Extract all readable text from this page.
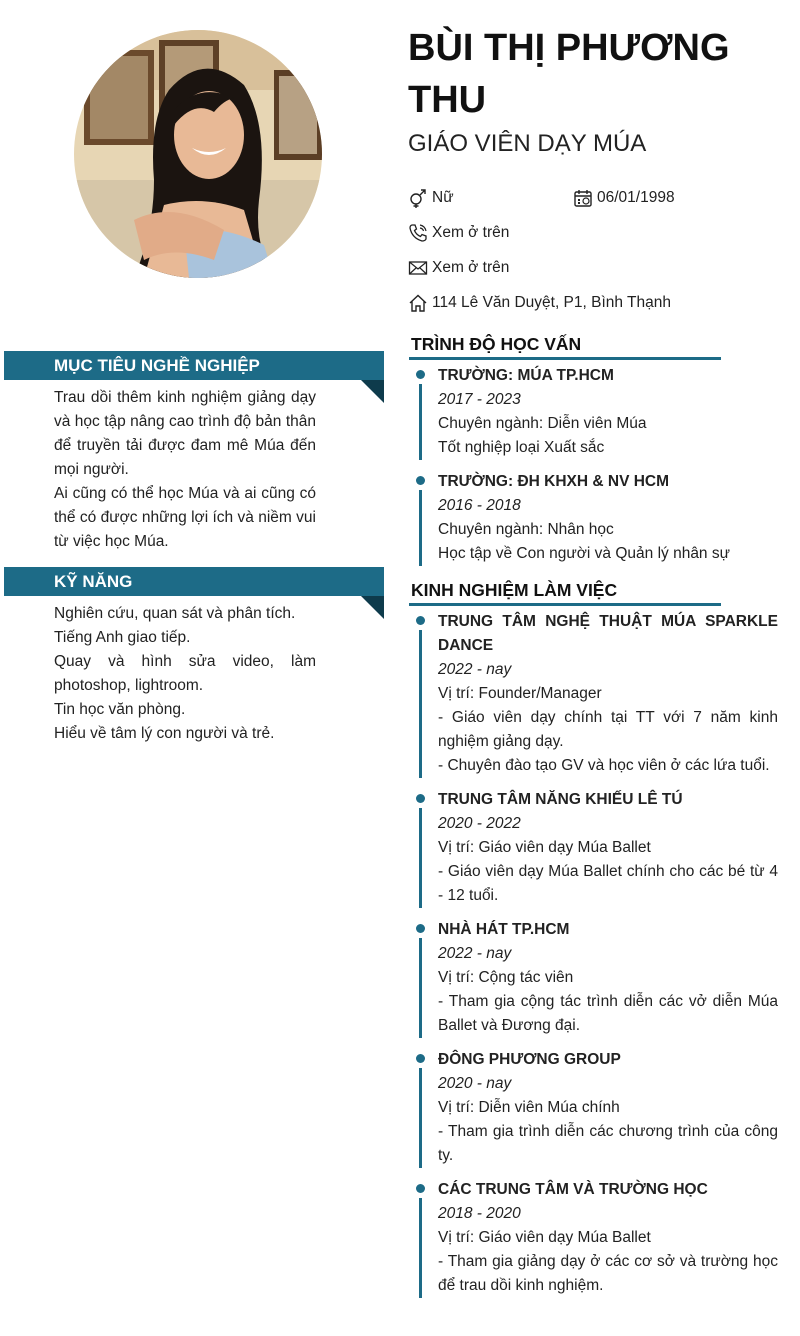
BÙI THỊ PHƯƠNG THU
GIÁO VIÊN DẠY MÚA
Nữ	06/01/1998
Xem ở trên
Xem ở trên
114 Lê Văn Duyệt, P1, Bình Thạnh
MỤC TIÊU NGHỀ NGHIỆP

Trau dồi thêm kinh nghiệm giảng dạy và học tập nâng cao trình độ bản thân để truyền tải được đam mê Múa đến mọi người.

Ai cũng có thể học Múa và ai cũng có thể có được những lợi ích và niềm vui từ việc học Múa.

KỸ NĂNG

Nghiên cứu, quan sát và phân tích.

Tiếng Anh giao tiếp.

Quay và hình sửa video, làm photoshop, lightroom.

Tin học văn phòng.

Hiểu về tâm lý con người và trẻ.

TRÌNH ĐỘ HỌC VẤN
TRƯỜNG: MÚA TP.HCM
2017 - 2023
Chuyên ngành: Diễn viên Múa
Tốt nghiệp loại Xuất sắc
TRƯỜNG: ĐH KHXH & NV HCM
2016 - 2018
Chuyên ngành: Nhân học
Học tập về Con người và Quản lý nhân sự
KINH NGHIỆM LÀM VIỆC
TRUNG TÂM NGHỆ THUẬT MÚA SPARKLE DANCE
2022 - nay
Vị trí: Founder/Manager
- Giáo viên dạy chính tại TT với 7 năm kinh nghiệm giảng dạy.
- Chuyên đào tạo GV và học viên ở các lứa tuổi.
TRUNG TÂM NĂNG KHIẾU LÊ TÚ
2020 - 2022
Vị trí: Giáo viên dạy Múa Ballet
- Giáo viên dạy Múa Ballet chính cho các bé từ 4 - 12 tuổi.
NHÀ HÁT TP.HCM
2022 - nay
Vị trí: Cộng tác viên
- Tham gia cộng tác trình diễn các vở diễn Múa Ballet và Đương đại.
ĐÔNG PHƯƠNG GROUP
2020 - nay
Vị trí: Diễn viên Múa chính
- Tham gia trình diễn các chương trình của công ty.
CÁC TRUNG TÂM VÀ TRƯỜNG HỌC
2018 - 2020
Vị trí: Giáo viên dạy Múa Ballet
- Tham gia giảng dạy ở các cơ sở và trường học để trau dồi kinh nghiệm.
